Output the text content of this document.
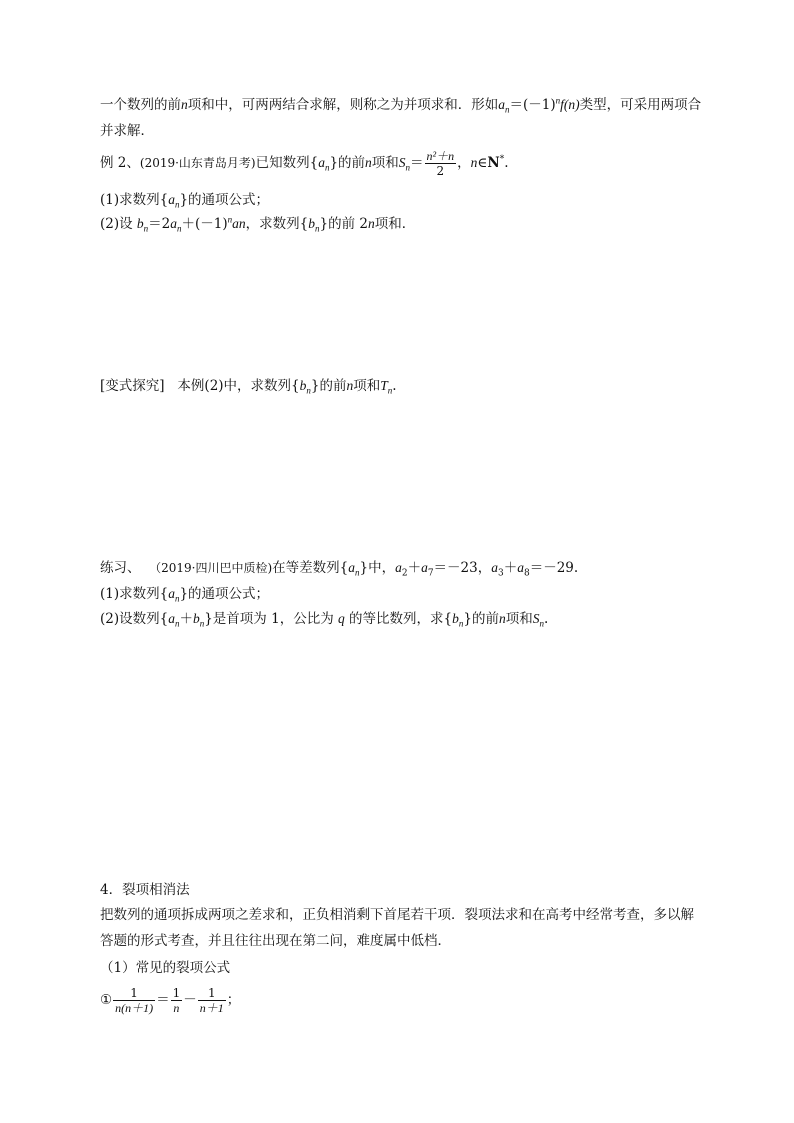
一个数列的前n项和中，可两两结合求解，则称之为并项求和．形如$a_n=(-1)^nf(n)$类型，可采用两项合
并求解．
例 2、(2019·山东青岛月考)已知数列$\{a_n\}$的前n项和$S_n= \frac{\text{n²＋n}}{2}$ ，n∈N*.
(1)求数列$\{a_n\}$的通项公式；
(2)设 $b_n=2a_n+(-1)^nan$，求数列$\{b_n\}$的前 2n项和．
[变式探究] 本例(2)中，求数列$\{b_n\}$的前n项和$T_n$.
练习、 （2019·四川巴中质检)在等差数列$\{a_n\}$中，$a_2+a_7=-23$，$a_3+a_8=-29$.
(1)求数列$\{a_n\}$的通项公式；
(2)设数列$\{a_n+b_n\}$是首项为 1，公比为 q 的等比数列，求$\{b_n\}$的前n项和$S_n$.
4．裂项相消法
把数列的通项拆成两项之差求和，正负相消剩下首尾若干项．裂项法求和在高考中经常考查，多以解
答题的形式考查，并且往往出现在第二问，难度属中低档．
（1）常见的裂项公式
① $\frac{1}{n(n+1)} = \frac{1}{n} - \frac{1}{n+1}$ ；
